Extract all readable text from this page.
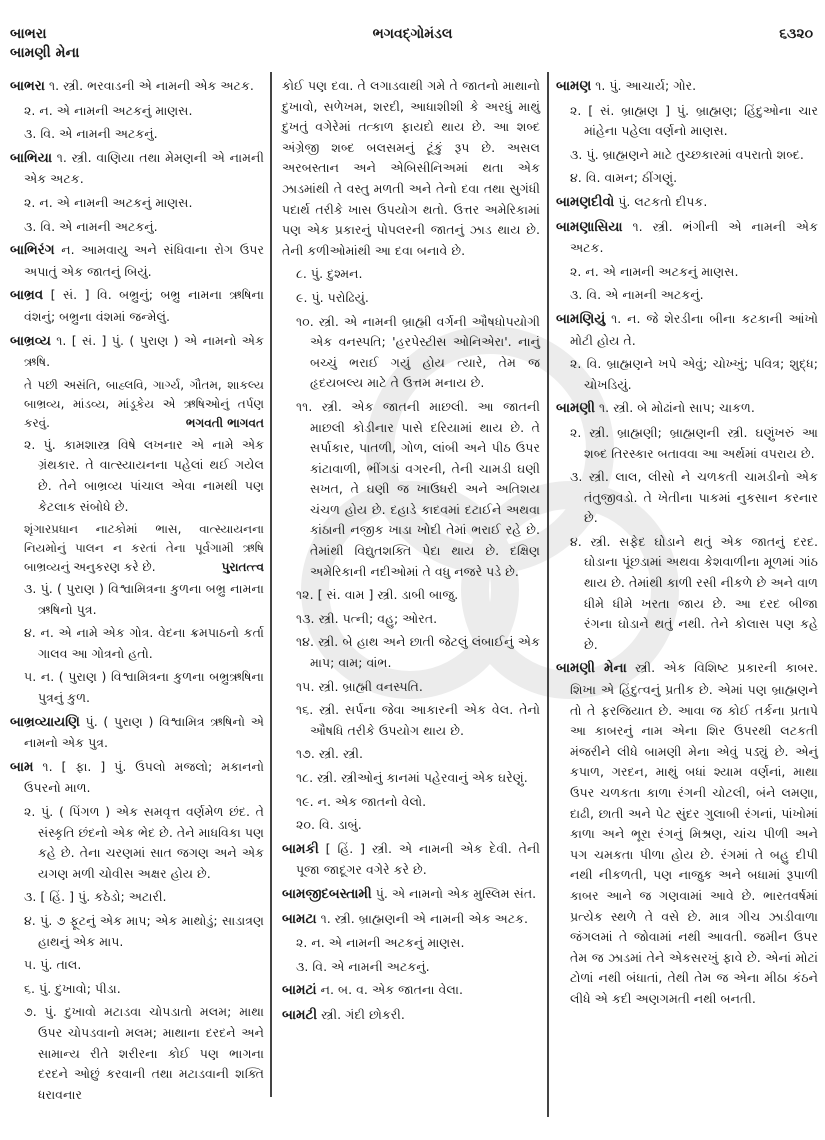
બાભરા
બામણી મેના
ભગવદ્ગોમંડલ	૬૩૨૦
બાભરા ૧. સ્ત્રી. ભરવાડની એ નામની એક અટક.
૨. ન. એ નામની અટકનું માણસ.
૩. વિ. એ નામની અટકનું.
બાભિયા ૧. સ્ત્રી. વાણિયા તથા મેમણની એ નામની એક અટક.
૨. ન. એ નામની અટકનું માણસ.
૩. વિ. એ નામની અટકનું.
બાભિરંગ ન. આમવાયુ અને સંધિવાના રોગ ઉપર અપાતું એક જાતનું બિયું.
બાભ્રવ [ સં. ] વિ. બભ્રુનું; બભ્રુ નામના ઋષિના વંશનું; બભ્રુના વંશમાં જન્મેલું.
બાભ્રવ્ય ૧. [ સં. ] પું. ( પુરાણ ) એ નામનો એક ઋષિ.
તે પછી અસંતિ, બાહ્લવિ, ગાર્ગ્ય, ગૌતમ, શાકલ્ય બાભ્રવ્ય, માંડવ્ય, માંડૂકેય એ ઋષિઓનું તર્પણ કરવું.	ભગવતી ભાગવત
૨. પું. કામશાસ્ત્ર વિષે લખનાર એ નામે એક ગ્રંથકાર. તે વાત્સ્યાયનના પહેલાં થઈ ગયેલ છે. તેને બાભ્રવ્ય પાંચાલ એવા નામથી પણ કેટલાક સંબોધે છે.
શૃંગારપ્રધાન નાટકોમાં ભાસ, વાત્સ્યાયનના નિયમોનું પાલન ન કરતાં તેના પૂર્વગામી ઋષિ બાભ્રવ્યનું અનુકરણ કરે છે.	પુરાતત્ત્વ
૩. પું. ( પુરાણ ) વિશ્વામિત્રના કુળના બભ્રુ નામના ઋષિનો પુત્ર.
૪. ન. એ નામે એક ગોત્ર. વેદના ક્રમપાઠનો કર્તા ગાલવ આ ગોત્રનો હતો.
૫. ન. ( પુરાણ ) વિશ્વામિત્રના કુળના બભ્રુઋષિના પુત્રનું કુળ.
બાભ્રવ્યાયણિ પું. ( પુરાણ ) વિશ્વામિત્ર ઋષિનો એ નામનો એક પુત્ર.
બામ ૧. [ ફા. ] પું. ઉપલો મજલો; મકાનનો ઉપરનો માળ.
૨. પું. ( પિંગળ ) એક સમવૃત્ત વર્ણમેળ છંદ. તે સંસ્કૃતિ છંદનો એક ભેદ છે. તેને માધવિકા પણ કહે છે. તેના ચરણમાં સાત જગણ અને એક યગણ મળી ચોવીસ અક્ષર હોય છે.
૩. [ હિં. ] પું. કઠેડો; અટારી.
૪. પું. ૭ ફૂટનું એક માપ; એક માથોડું; સાડાત્રણ હાથનું એક માપ.
૫. પું. તાલ.
૬. પું. દુખાવો; પીડા.
૭. પું. દુખાવો મટાડવા ચોપડાતો મલમ; માથા ઉપર ચોપડવાનો મલમ; માથાના દરદને અને સામાન્ય રીતે શરીરના કોઈ પણ ભાગના દરદને ઓછું કરવાની તથા મટાડવાની શક્તિ ધરાવનાર
કોઈ પણ દવા. તે લગાડવાથી ગમે તે જાતનો માથાનો દુખાવો, સળેખમ, શરદી, આધાશીશી કે અરધું માથું દુખતું વગેરેમાં તત્કાળ ફાયદો થાય છે. આ શબ્દ અંગ્રેજી શબ્દ બલસમનું ટૂંકું રૂપ છે. અસલ અરબસ્તાન અને એબિસીનિઅમાં થતા એક ઝાડમાંથી તે વસ્તુ મળતી અને તેનો દવા તથા સુગંધી પદાર્થ તરીકે ખાસ ઉપયોગ થતો. ઉત્તર અમેરિકામાં પણ એક પ્રકારનું પોપલરની જાતનું ઝાડ થાય છે. તેની કળીઓમાંથી આ દવા બનાવે છે.
૮. પું. દુશ્મન.
૯. પું. પરોઢિયું.
૧૦. સ્ત્રી. એ નામની બ્રાહ્મી વર્ગની ઔષધોપયોગી એક વનસ્પતિ; 'હરપેસ્ટીસ ઓનિએરા'. નાનું બચ્ચું ભરાઈ ગયું હોય ત્યારે, તેમ જ હૃદયબલ્ય માટે તે ઉત્તમ મનાય છે.
૧૧. સ્ત્રી. એક જાતની માછલી. આ જાતની માછલી કોડીનાર પાસે દરિયામાં થાય છે. તે સર્પાકાર, પાતળી, ગોળ, લાંબી અને પીઠ ઉપર કાંટાવાળી, ભીંગડાં વગરની, તેની ચામડી ઘણી સખત, તે ઘણી જ ખાઉધરી અને અતિશય ચંચળ હોય છે. દહાડે કાદવમાં દટાઈને અથવા કાંઠાની નજીક ખાડા ખોદી તેમાં ભરાઈ રહે છે. તેમાંથી વિદ્યુતશક્તિ પેદા થાય છે. દક્ષિણ અમેરિકાની નદીઓમાં તે વધુ નજરે પડે છે.
૧૨. [ સં. વામ ] સ્ત્રી. ડાબી બાજુ.
૧૩. સ્ત્રી. પત્ની; વહુ; ઓરત.
૧૪. સ્ત્રી. બે હાથ અને છાતી જેટલું લંબાઈનું એક માપ; વામ; વાંભ.
૧૫. સ્ત્રી. બ્રાહ્મી વનસ્પતિ.
૧૬. સ્ત્રી. સર્પના જેવા આકારની એક વેલ. તેનો ઔષધિ તરીકે ઉપયોગ થાય છે.
૧૭. સ્ત્રી. સ્ત્રી.
૧૮. સ્ત્રી. સ્ત્રીઓનું કાનમાં પહેરવાનું એક ઘરેણું.
૧૯. ન. એક જાતનો વેલો.
૨૦. વિ. ડાબું.
બામકી [ હિં. ] સ્ત્રી. એ નામની એક દેવી. તેની પૂજા જાદૂગર વગેરે કરે છે.
બામજીદબસ્તામી પું. એ નામનો એક મુસ્લિમ સંત.
બામટા ૧. સ્ત્રી. બ્રાહ્મણની એ નામની એક અટક.
૨. ન. એ નામની અટકનું માણસ.
૩. વિ. એ નામની અટકનું.
બામટાં ન. બ. વ. એક જાતના વેલા.
બામટી સ્ત્રી. ગંદી છોકરી.
બામણ ૧. પું. આચાર્ય; ગોર.
૨. [ સં. બ્રાહ્મણ ] પું. બ્રાહ્મણ; હિંદુઓના ચાર માંહેના પહેલા વર્ણનો માણસ.
૩. પું. બ્રાહ્મણને માટે તુચ્છકારમાં વપરાતો શબ્દ.
૪. વિ. વામન; ઠીંગણું.
બામણદીવો પું. લટકતો દીપક.
બામણાસિયા ૧. સ્ત્રી. ભંગીની એ નામની એક અટક.
૨. ન. એ નામની અટકનું માણસ.
૩. વિ. એ નામની અટકનું.
બામણિયું ૧. ન. જે શેરડીના બીના કટકાની આંખો મોટી હોય તે.
૨. વિ. બ્રાહ્મણને ખપે એવું; ચોખ્ખું; પવિત્ર; શુદ્ધ; ચોખડિયું.
બામણી ૧. સ્ત્રી. બે મોઢાંનો સાપ; ચાકળ.
૨. સ્ત્રી. બ્રાહ્મણી; બ્રાહ્મણની સ્ત્રી. ઘણુંખરું આ શબ્દ તિરસ્કાર બતાવવા આ અર્થમાં વપરાય છે.
૩. સ્ત્રી. લાલ, લીસો ને ચળકતી ચામડીનો એક તંતુજીવડો. તે ખેતીના પાકમાં નુકસાન કરનાર છે.
૪. સ્ત્રી. સફેદ ઘોડાને થતું એક જાતનું દરદ. ઘોડાના પૂંછડામાં અથવા કેશવાળીના મૂળમાં ગાંઠ થાય છે. તેમાંથી કાળી રસી નીકળે છે અને વાળ ધીમે ધીમે ખરતા જાય છે. આ દરદ બીજા રંગના ઘોડાને થતું નથી. તેને કોલાસ પણ કહે છે.
બામણી મેના સ્ત્રી. એક વિશિષ્ટ પ્રકારની કાબર. શિખા એ હિંદુત્વનું પ્રતીક છે. એમાં પણ બ્રાહ્મણને તો તે ફરજિયાત છે. આવા જ કોઈ તર્કના પ્રતાપે આ કાબરનું નામ એના શિર ઉપરથી લટકતી મંજરીને લીધે બામણી મેના એવું પડ્યું છે. એનું કપાળ, ગરદન, માથું બધાં શ્યામ વર્ણનાં, માથા ઉપર ચળકતા કાળા રંગની ચોટલી, બંને લમણા, દાઢી, છાતી અને પેટ સુંદર ગુલાબી રંગનાં, પાંખોમાં કાળા અને ભૂરા રંગનું મિશ્રણ, ચાંચ પીળી અને પગ ચમકતા પીળા હોય છે. રંગમાં તે બહુ દીપી નથી નીકળતી, પણ નાજુક અને બધામાં રૂપાળી કાબર આને જ ગણવામાં આવે છે. ભારતવર્ષમાં પ્રત્યેક સ્થળે તે વસે છે. માત્ર ગીચ ઝાડીવાળા જંગલમાં તે જોવામાં નથી આવતી. જમીન ઉપર તેમ જ ઝાડમાં તેને એકસરખું ફાવે છે. એનાં મોટાં ટોળાં નથી બંધાતાં, તેથી તેમ જ એના મીઠા કંઠને લીધે એ કદી અણગમતી નથી બનતી.
